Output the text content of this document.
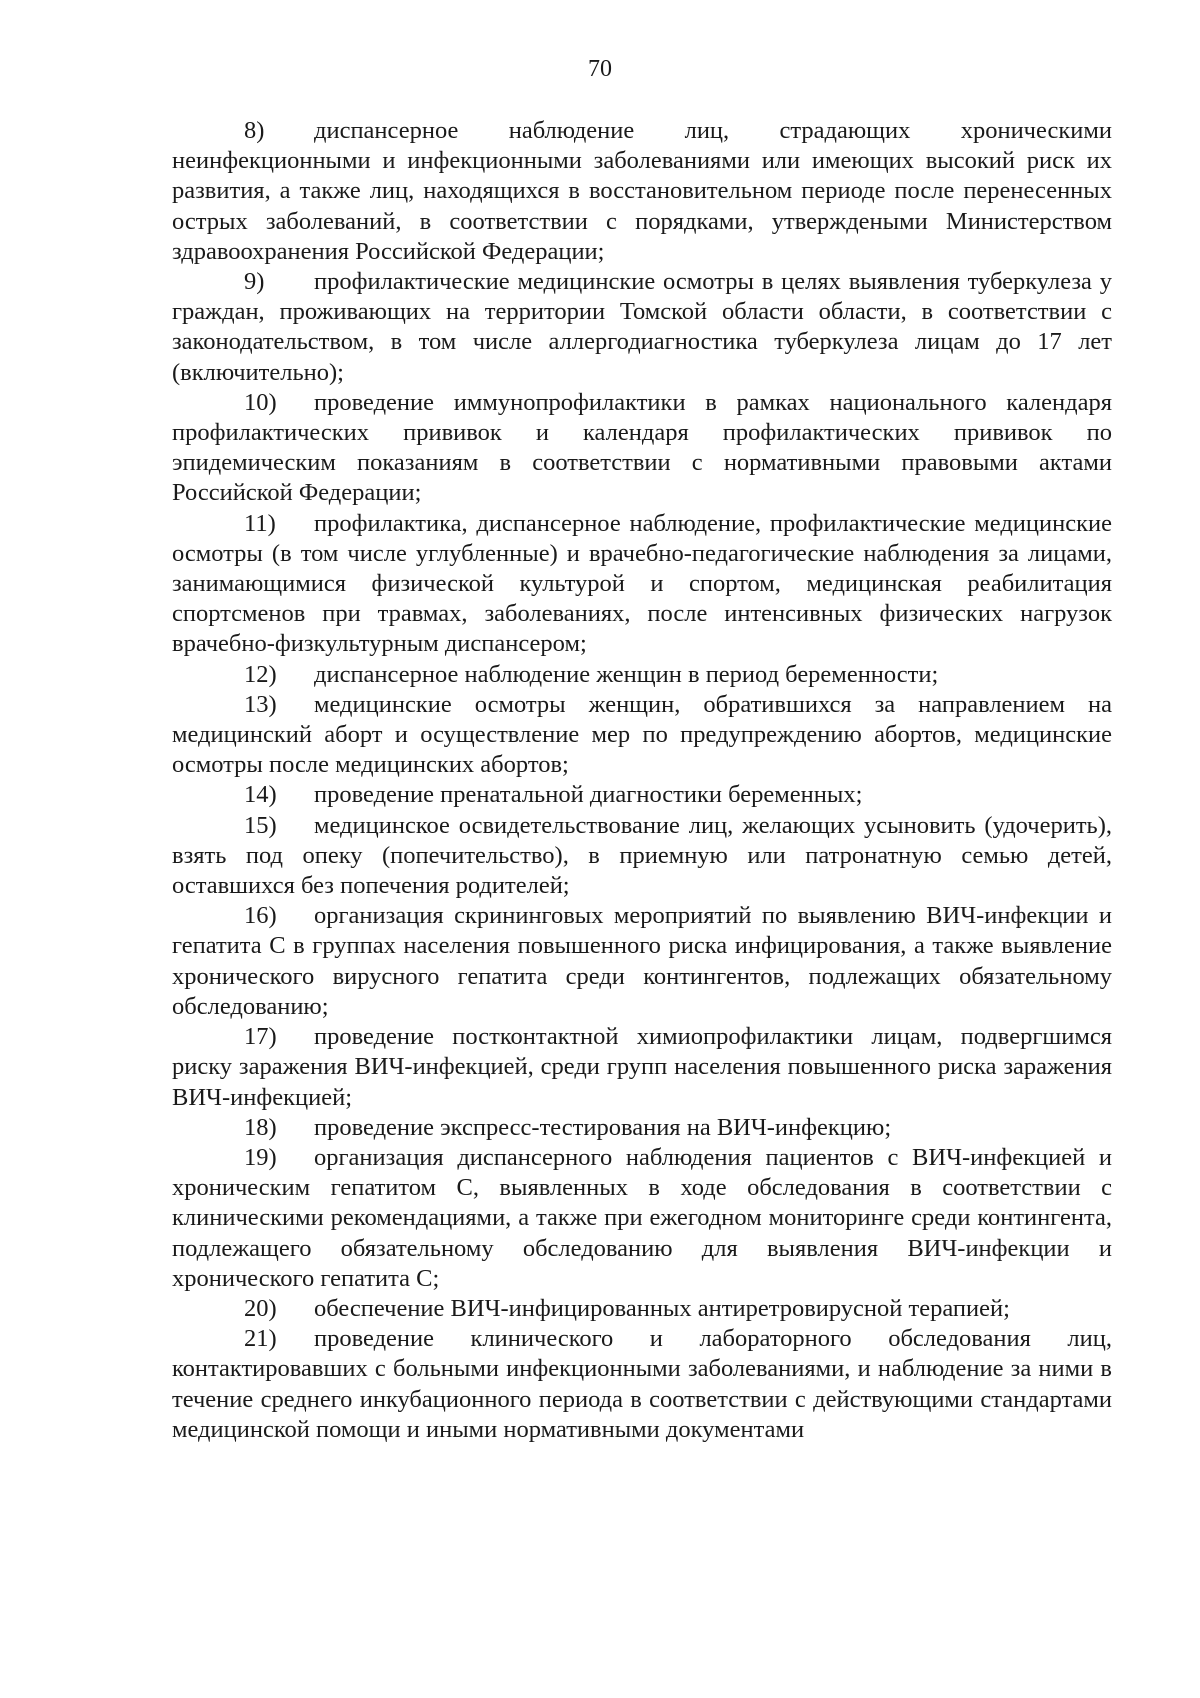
70

8) диспансерное наблюдение лиц, страдающих хроническими неинфекционными и инфекционными заболеваниями или имеющих высокий риск их развития, а также лиц, находящихся в восстановительном периоде после перенесенных острых заболеваний, в соответствии с порядками, утверждеными Министерством здравоохранения Российской Федерации;

9) профилактические медицинские осмотры в целях выявления туберкулеза у граждан, проживающих на территории Томской области области, в соответствии с законодательством, в том числе аллергодиагностика туберкулеза лицам до 17 лет (включительно);

10) проведение иммунопрофилактики в рамках национального календаря профилактических прививок и календаря профилактических прививок по эпидемическим показаниям в соответствии с нормативными правовыми актами Российской Федерации;

11) профилактика, диспансерное наблюдение, профилактические медицинские осмотры (в том числе углубленные) и врачебно-педагогические наблюдения за лицами, занимающимися физической культурой и спортом, медицинская реабилитация спортсменов при травмах, заболеваниях, после интенсивных физических нагрузок врачебно-физкультурным диспансером;

12) диспансерное наблюдение женщин в период беременности;

13) медицинские осмотры женщин, обратившихся за направлением на медицинский аборт и осуществление мер по предупреждению абортов, медицинские осмотры после медицинских абортов;

14) проведение пренатальной диагностики беременных;

15) медицинское освидетельствование лиц, желающих усыновить (удочерить), взять под опеку (попечительство), в приемную или патронатную семью детей, оставшихся без попечения родителей;

16) организация скрининговых мероприятий по выявлению ВИЧ-инфекции и гепатита С в группах населения повышенного риска инфицирования, а также выявление хронического вирусного гепатита среди контингентов, подлежащих обязательному обследованию;

17) проведение постконтактной химиопрофилактики лицам, подвергшимся риску заражения ВИЧ-инфекцией, среди групп населения повышенного риска заражения ВИЧ-инфекцией;

18) проведение экспресс-тестирования на ВИЧ-инфекцию;

19) организация диспансерного наблюдения пациентов с ВИЧ-инфекцией и хроническим гепатитом С, выявленных в ходе обследования в соответствии с клиническими рекомендациями, а также при ежегодном мониторинге среди контингента, подлежащего обязательному обследованию для выявления ВИЧ-инфекции и хронического гепатита С;

20) обеспечение ВИЧ-инфицированных антиретровирусной терапией;

21) проведение клинического и лабораторного обследования лиц, контактировавших с больными инфекционными заболеваниями, и наблюдение за ними в течение среднего инкубационного периода в соответствии с действующими стандартами медицинской помощи и иными нормативными документами
